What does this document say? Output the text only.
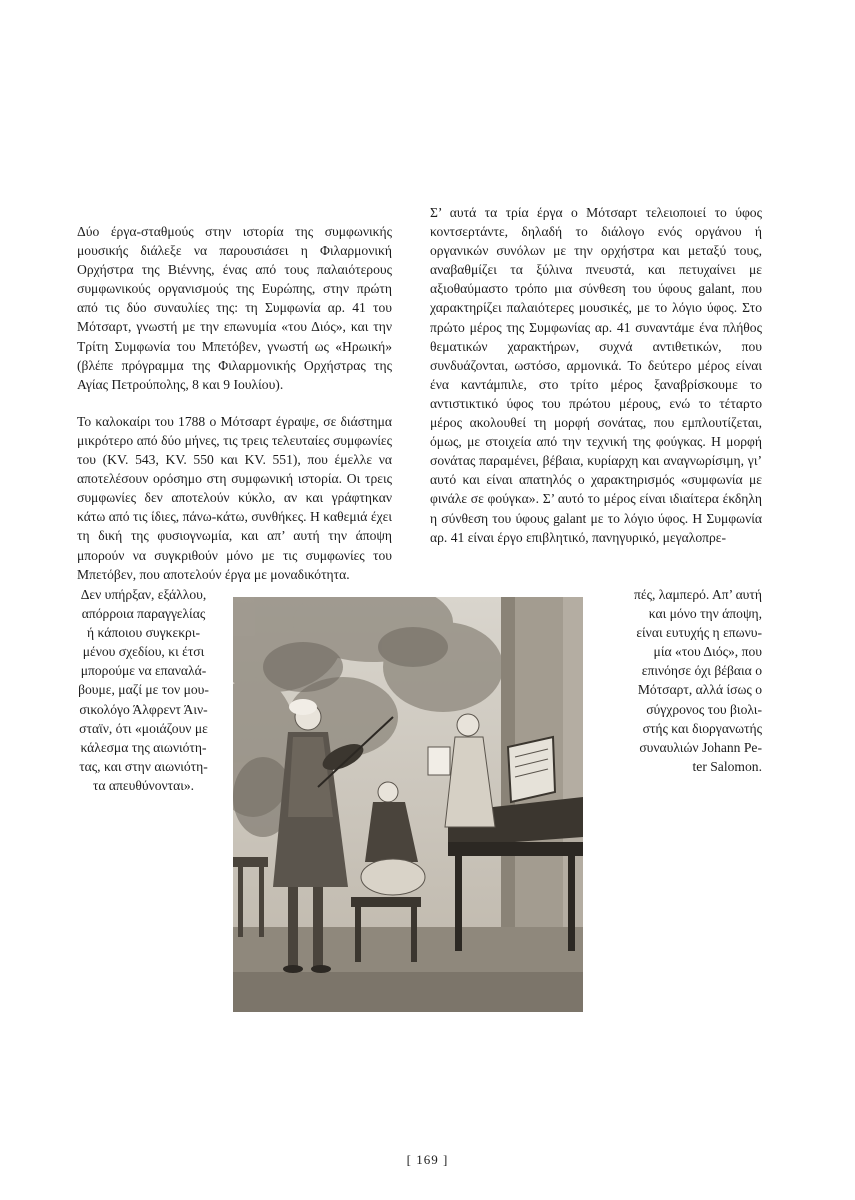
Δύο έργα-σταθμούς στην ιστορία της συμφωνικής μουσικής διάλεξε να παρουσιάσει η Φιλαρμονική Ορχήστρα της Βιέννης, ένας από τους παλαιότερους συμφωνικούς οργανισμούς της Ευρώπης, στην πρώτη από τις δύο συναυλίες της: τη Συμφωνία αρ. 41 του Μότσαρτ, γνωστή με την επωνυμία «του Διός», και την Τρίτη Συμφωνία του Μπετόβεν, γνωστή ως «Ηρωική» (βλέπε πρόγραμμα της Φιλαρμονικής Ορχήστρας της Αγίας Πετρούπολης, 8 και 9 Ιουλίου).

Το καλοκαίρι του 1788 ο Μότσαρτ έγραψε, σε διάστημα μικρότερο από δύο μήνες, τις τρεις τελευταίες συμφωνίες του (KV. 543, KV. 550 και KV. 551), που έμελλε να αποτελέσουν ορόσημο στη συμφωνική ιστορία. Οι τρεις συμφωνίες δεν αποτελούν κύκλο, αν και γράφτηκαν κάτω από τις ίδιες, πάνω-κάτω, συνθήκες. Η καθεμιά έχει τη δική της φυσιογνωμία, και απ’ αυτή την άποψη μπορούν να συγκριθούν μόνο με τις συμφωνίες του Μπετόβεν, που αποτελούν έργα με μοναδικότητα.

Δεν υπήρξαν, εξάλλου,
απόρροια παραγγελίας
ή κάποιου συγκεκρι-
μένου σχεδίου, κι έτσι
μπορούμε να επαναλά-
βουμε, μαζί με τον μου-
σικολόγο Άλφρεντ Άιν-
σταϊν, ότι «μοιάζουν με
κάλεσμα της αιωνιότη-
τας, και στην αιωνιότη-
τα απευθύνονται».

Σ’ αυτά τα τρία έργα ο Μότσαρτ τελειοποιεί το ύφος κοντσερτάντε, δηλαδή το διάλογο ενός οργάνου ή οργανικών συνόλων με την ορχήστρα και μεταξύ τους, αναβαθμίζει τα ξύλινα πνευστά, και πετυχαίνει με αξιοθαύμαστο τρόπο μια σύνθεση του ύφους galant, που χαρακτηρίζει παλαιότερες μουσικές, με το λόγιο ύφος. Στο πρώτο μέρος της Συμφωνίας αρ. 41 συναντάμε ένα πλήθος θεματικών χαρακτήρων, συχνά αντιθετικών, που συνδυάζονται, ωστόσο, αρμονικά. Το δεύτερο μέρος είναι ένα καντάμπιλε, στο τρίτο μέρος ξαναβρίσκουμε το αντιστικτικό ύφος του πρώτου μέρους, ενώ το τέταρτο μέρος ακολουθεί τη μορφή σονάτας, που εμπλουτίζεται, όμως, με στοιχεία από την τεχνική της φούγκας. Η μορφή σονάτας παραμένει, βέβαια, κυρίαρχη και αναγνωρίσιμη, γι’ αυτό και είναι απατηλός ο χαρακτηρισμός «συμφωνία με φινάλε σε φούγκα». Σ’ αυτό το μέρος είναι ιδιαίτερα έκδηλη η σύνθεση του ύφους galant με το λόγιο ύφος. Η Συμφωνία αρ. 41 είναι έργο επιβλητικό, πανηγυρικό, μεγαλοπρε-

πές, λαμπερό. Απ’ αυτή
και μόνο την άποψη,
είναι ευτυχής η επωνυ-
μία «του Διός», που
επινόησε όχι βέβαια ο
Μότσαρτ, αλλά ίσως ο
σύγχρονος του βιολι-
στής και διοργανωτής
συναυλιών Johann Pe-
ter Salomon.
[ 169 ]
